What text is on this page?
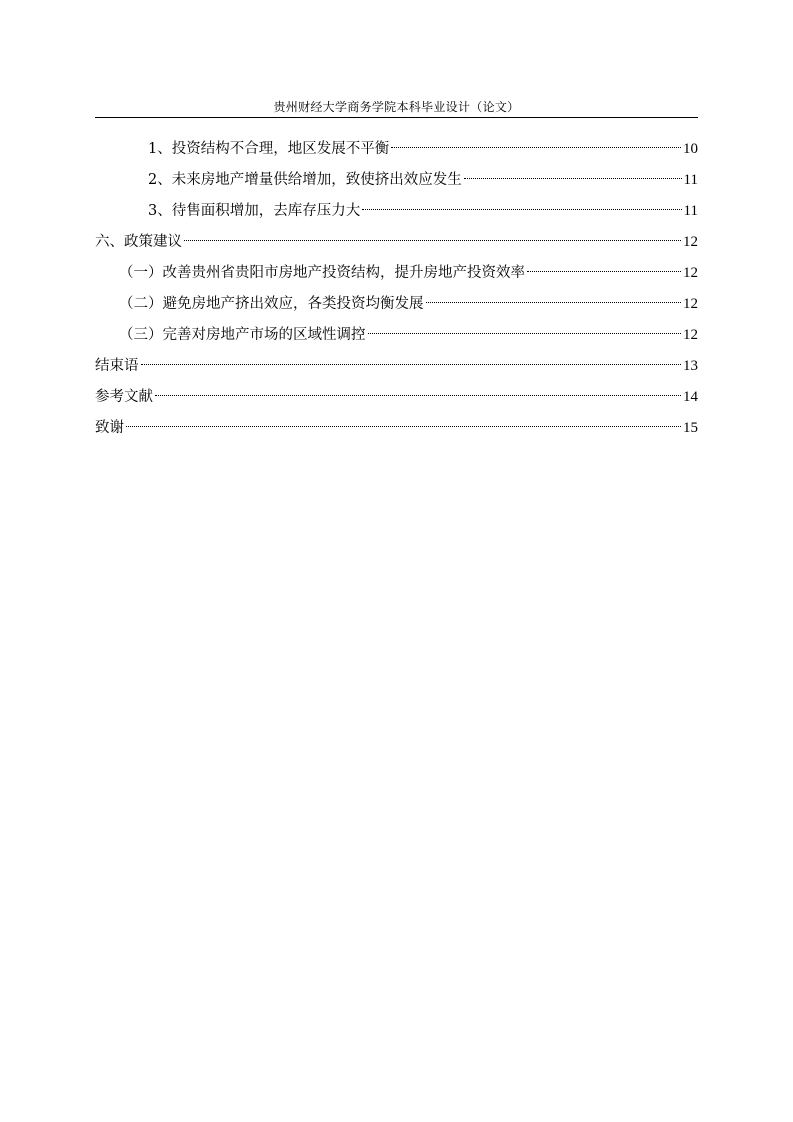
贵州财经大学商务学院本科毕业设计（论文）
1、投资结构不合理，地区发展不平衡	10
2、未来房地产增量供给增加，致使挤出效应发生	11
3、待售面积增加，去库存压力大	11
六、政策建议	12
（一）改善贵州省贵阳市房地产投资结构，提升房地产投资效率	12
（二）避免房地产挤出效应，各类投资均衡发展	12
（三）完善对房地产市场的区域性调控	12
结束语	13
参考文献	14
致谢	15
